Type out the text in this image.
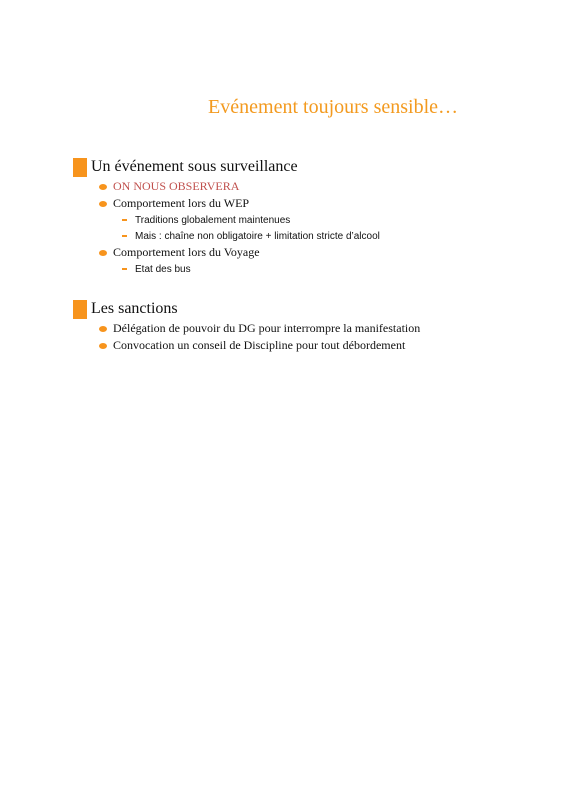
Evénement toujours sensible…
Un événement sous surveillance
ON NOUS OBSERVERA
Comportement lors du WEP
Traditions globalement maintenues
Mais : chaîne non obligatoire + limitation stricte d’alcool
Comportement lors du Voyage
Etat des bus
Les sanctions
Délégation de pouvoir du DG pour interrompre la manifestation
Convocation un conseil de Discipline pour tout débordement
